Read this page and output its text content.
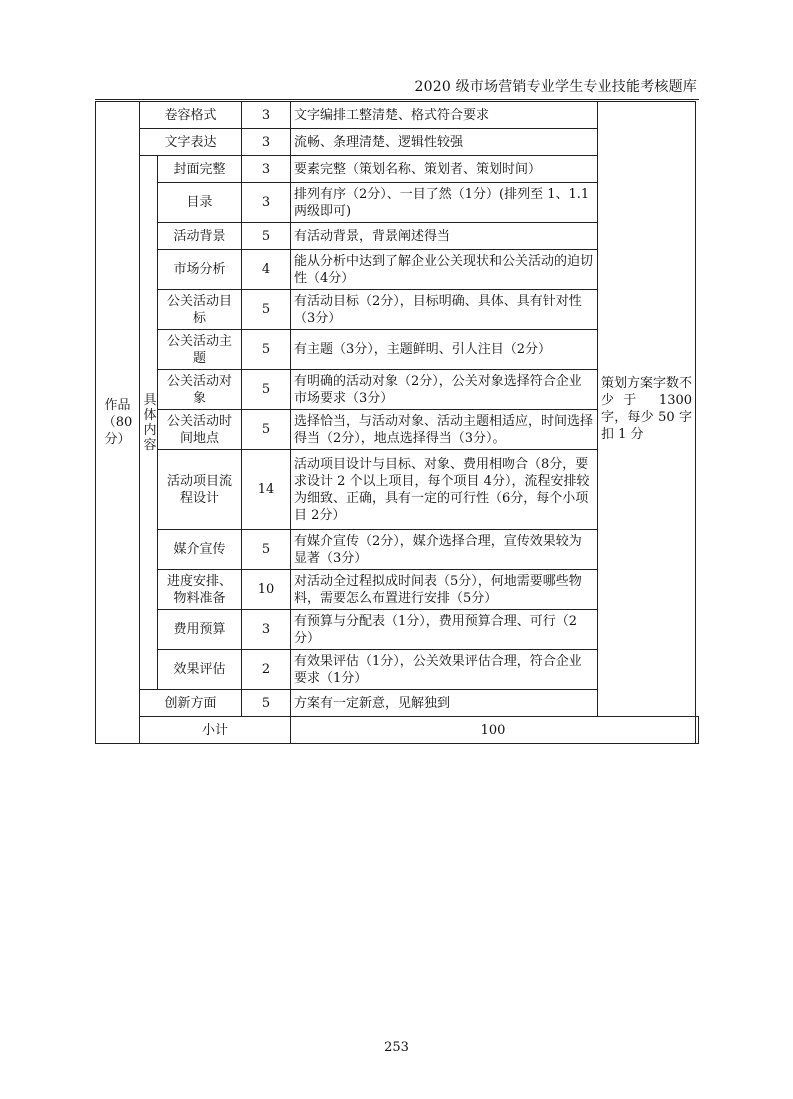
2020 级市场营销专业学生专业技能考核题库
作品（80分）	卷容格式		3	文字编排工整清楚、格式符合要求	策划方案字数不少于 1300 字，每少 50 字扣 1 分	
	文字表达		3	流畅、条理清楚、逻辑性较强		

	具体内容	封面完整	3	要素完整（策划名称、策划者、策划时间）		
		目录	3	排列有序（2分）、一目了然（1分）(排列至 1、1.1 两级即可)		
		活动背景	5	有活动背景，背景阐述得当		
		市场分析	4	能从分析中达到了解企业公关现状和公关活动的迫切性（4分）		
		公关活动目标	5	有活动目标（2分），目标明确、具体、具有针对性（3分）		
		公关活动主题	5	有主题（3分），主题鲜明、引人注目（2分）		
		公关活动对象	5	有明确的活动对象（2分），公关对象选择符合企业市场要求（3分）		
		公关活动时间地点	5	选择恰当，与活动对象、活动主题相适应，时间选择得当（2分），地点选择得当（3分）。		
		活动项目流程设计	14	活动项目设计与目标、对象、费用相吻合（8分，要求设计 2 个以上项目，每个项目 4分），流程安排较为细致、正确，具有一定的可行性（6分，每个小项目 2分）		
		媒介宣传	5	有媒介宣传（2分），媒介选择合理，宣传效果较为显著（3分）		
		进度安排、物料准备	10	对活动全过程拟成时间表（5分），何地需要哪些物料，需要怎么布置进行安排（5分）		
		费用预算	3	有预算与分配表（1分），费用预算合理、可行（2分）		
		效果评估	2	有效果评估（1分），公关效果评估合理，符合企业要求（1分）		
	创新方面		5	方案有一定新意，见解独到		
	小计			100		
253
